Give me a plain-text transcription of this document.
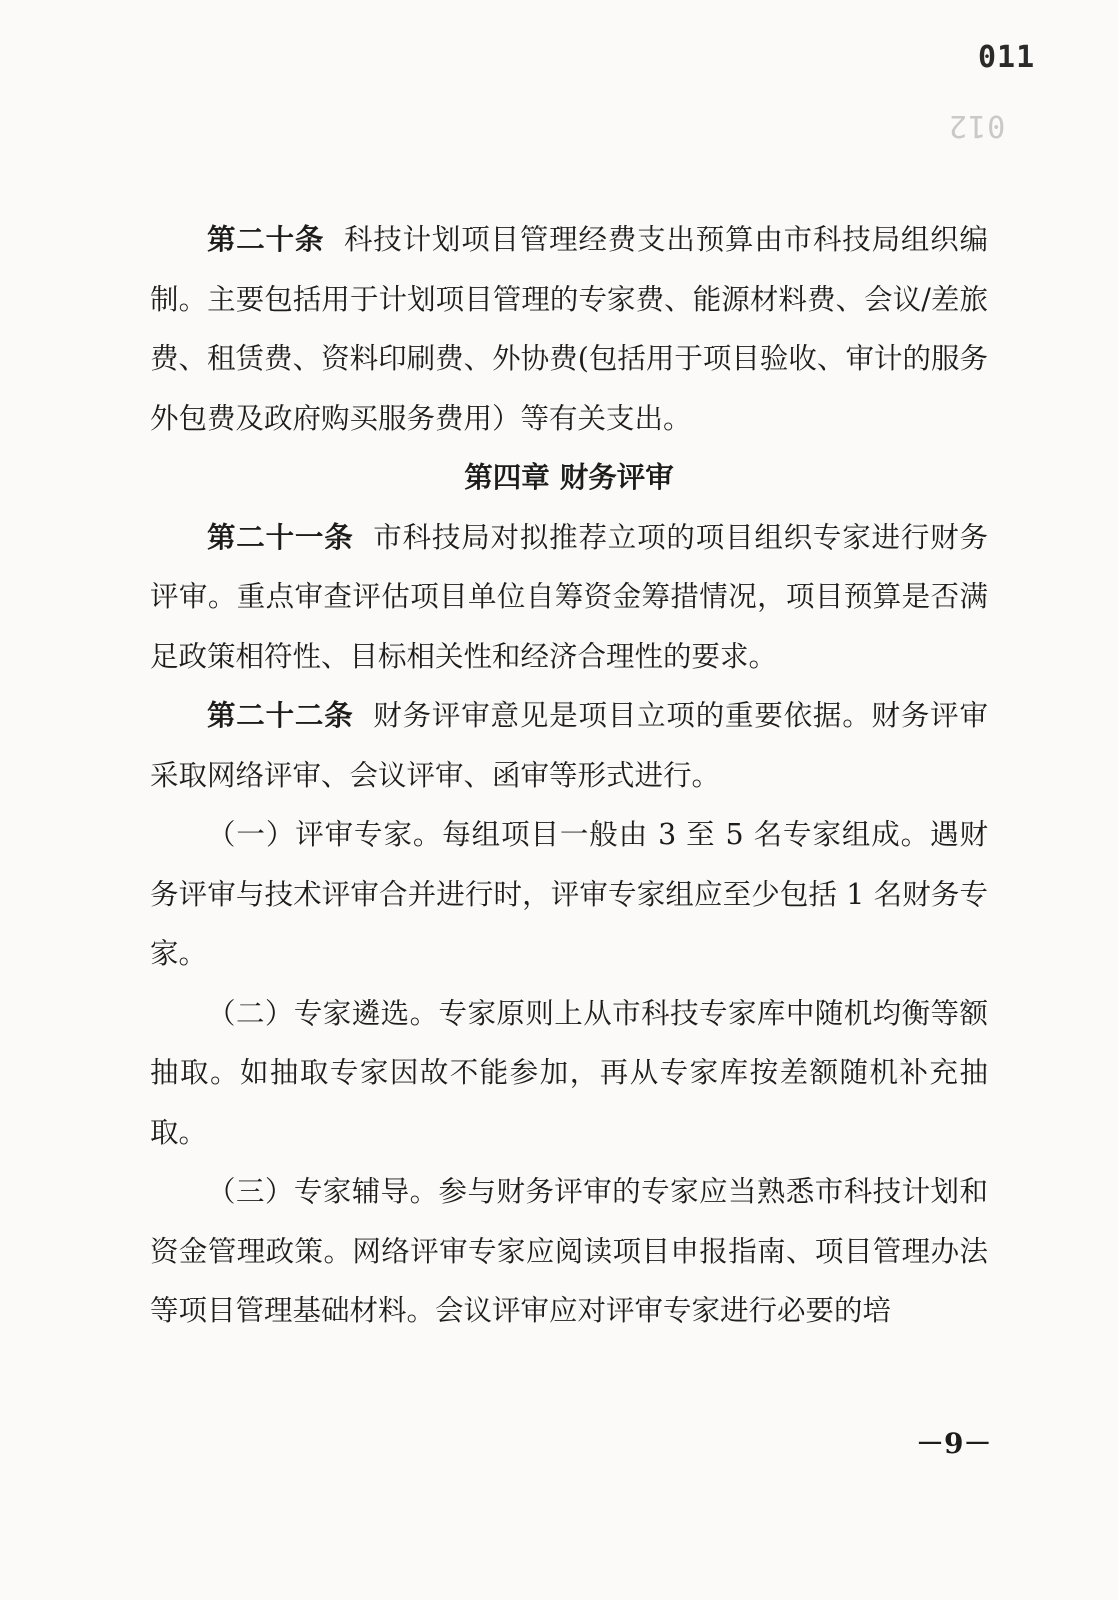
011
012

第二十条 科技计划项目管理经费支出预算由市科技局组织编制。主要包括用于计划项目管理的专家费、能源材料费、会议/差旅费、租赁费、资料印刷费、外协费(包括用于项目验收、审计的服务外包费及政府购买服务费用）等有关支出。

第四章 财务评审

第二十一条 市科技局对拟推荐立项的项目组织专家进行财务评审。重点审查评估项目单位自筹资金筹措情况，项目预算是否满足政策相符性、目标相关性和经济合理性的要求。

第二十二条 财务评审意见是项目立项的重要依据。财务评审采取网络评审、会议评审、函审等形式进行。

（一）评审专家。每组项目一般由 3 至 5 名专家组成。遇财务评审与技术评审合并进行时，评审专家组应至少包括 1 名财务专家。

（二）专家遴选。专家原则上从市科技专家库中随机均衡等额抽取。如抽取专家因故不能参加，再从专家库按差额随机补充抽取。

（三）专家辅导。参与财务评审的专家应当熟悉市科技计划和资金管理政策。网络评审专家应阅读项目申报指南、项目管理办法等项目管理基础材料。会议评审应对评审专家进行必要的培

－9－
